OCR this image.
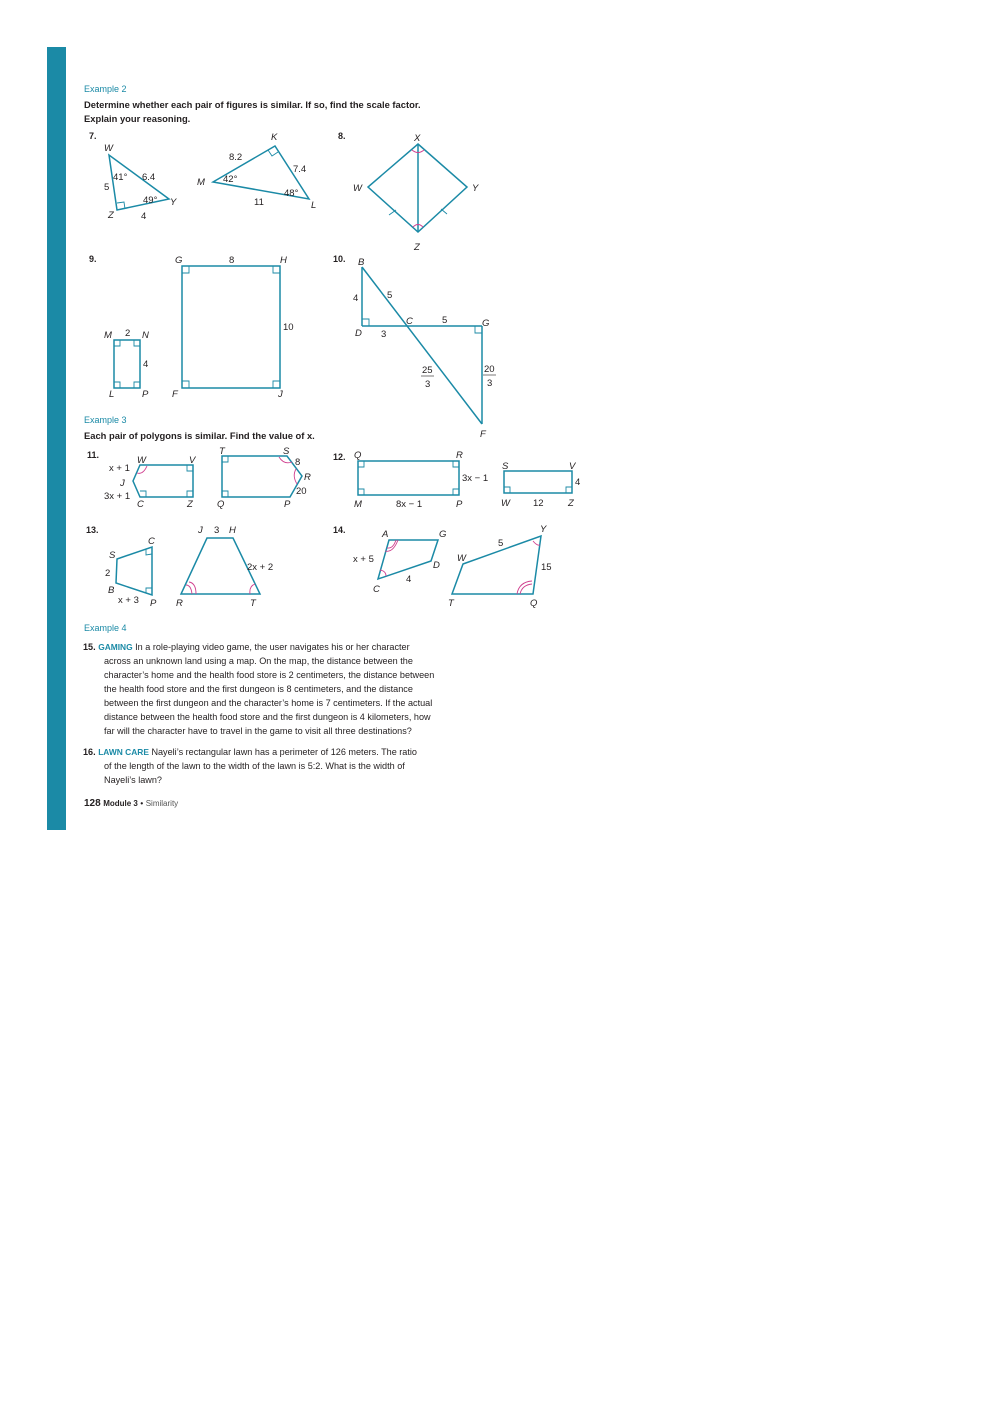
Example 2
Determine whether each pair of figures is similar. If so, find the scale factor.
Explain your reasoning.
7.	8.
9.	10.
Example 3
Each pair of polygons is similar. Find the value of x.
11.	12.
13.	14.
Example 4
W
Z
Y
41°
49°
6.4
5
4
K
M
L
42°
48°
8.2
7.4
11
X
W	Y
Z
M	N
L	P
2
4
G	H
F	J
8
10
B
D
C	G
F
4	5
3
5
25
3
20
3
W	V
J
C	Z
x + 1
3x + 1
T	S
R
Q	P
8
20
Q	R
M	P
3x − 1
8x − 1
S	V
W	Z
4
12
S
C
B
P
2
x + 3
J	H
R	T
3
2x + 2
A	G
D
C
x + 5
4
W
Y
T	Q
5
15
15. GAMING In a role-playing video game, the user navigates his or her character
across an unknown land using a map. On the map, the distance between the
character’s home and the health food store is 2 centimeters, the distance between
the health food store and the first dungeon is 8 centimeters, and the distance
between the first dungeon and the character’s home is 7 centimeters. If the actual
distance between the health food store and the first dungeon is 4 kilometers, how
far will the character have to travel in the game to visit all three destinations?
16. LAWN CARE Nayeli’s rectangular lawn has a perimeter of 126 meters. The ratio
of the length of the lawn to the width of the lawn is 5:2. What is the width of
Nayeli’s lawn?
128 Module 3 • Similarity
